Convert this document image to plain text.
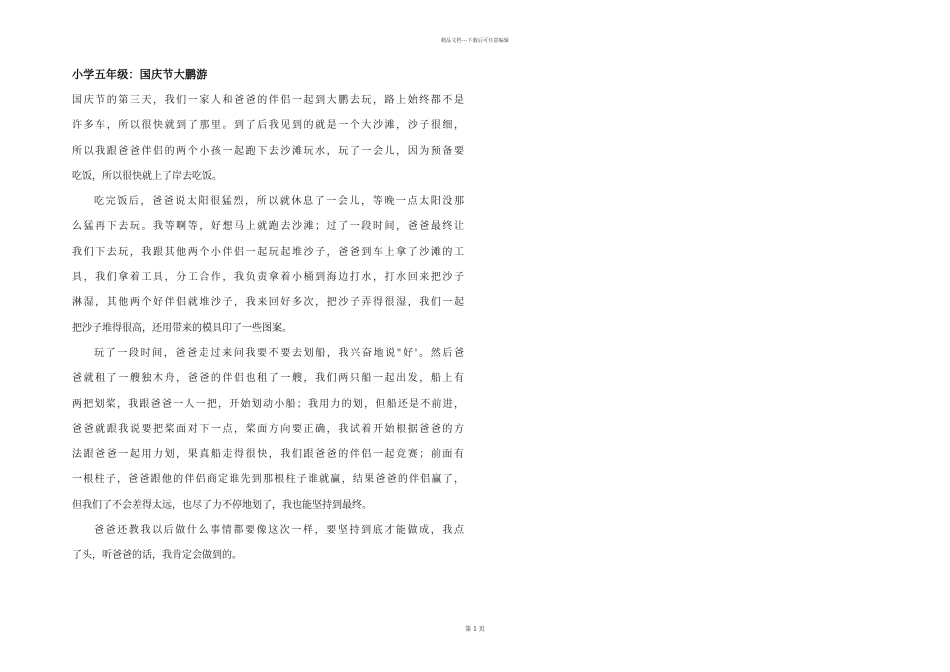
精品文档---下载后可任意编辑
小学五年级：国庆节大鹏游

国庆节的第三天，我们一家人和爸爸的伴侣一起到大鹏去玩，路上始终都不是

许多车，所以很快就到了那里。到了后我见到的就是一个大沙滩，沙子很细，

所以我跟爸爸伴侣的两个小孩一起跑下去沙滩玩水，玩了一会儿，因为预备要

吃饭，所以很快就上了岸去吃饭。

吃完饭后，爸爸说太阳很猛烈，所以就休息了一会儿，等晚一点太阳没那

么猛再下去玩。我等啊等，好想马上就跑去沙滩；过了一段时间，爸爸最终让

我们下去玩，我跟其他两个小伴侣一起玩起堆沙子，爸爸到车上拿了沙滩的工

具，我们拿着工具，分工合作，我负责拿着小桶到海边打水，打水回来把沙子

淋湿，其他两个好伴侣就堆沙子，我来回好多次，把沙子弄得很湿，我们一起

把沙子堆得很高，还用带来的模具印了一些图案。

玩了一段时间，爸爸走过来问我要不要去划船，我兴奋地说"好'。然后爸

爸就租了一艘独木舟，爸爸的伴侣也租了一艘，我们两只船一起出发，船上有

两把划桨，我跟爸爸一人一把，开始划动小船；我用力的划，但船还是不前进，

爸爸就跟我说要把桨面对下一点，桨面方向要正确，我试着开始根据爸爸的方

法跟爸爸一起用力划，果真船走得很快，我们跟爸爸的伴侣一起竞赛；前面有

一根柱子，爸爸跟他的伴侣商定谁先到那根柱子谁就赢，结果爸爸的伴侣赢了，

但我们了不会差得太远，也尽了力不停地划了，我也能坚持到最终。

爸爸还教我以后做什么事情都要像这次一样，要坚持到底才能做成，我点

了头，听爸爸的话，我肯定会做到的。

第 1 页
